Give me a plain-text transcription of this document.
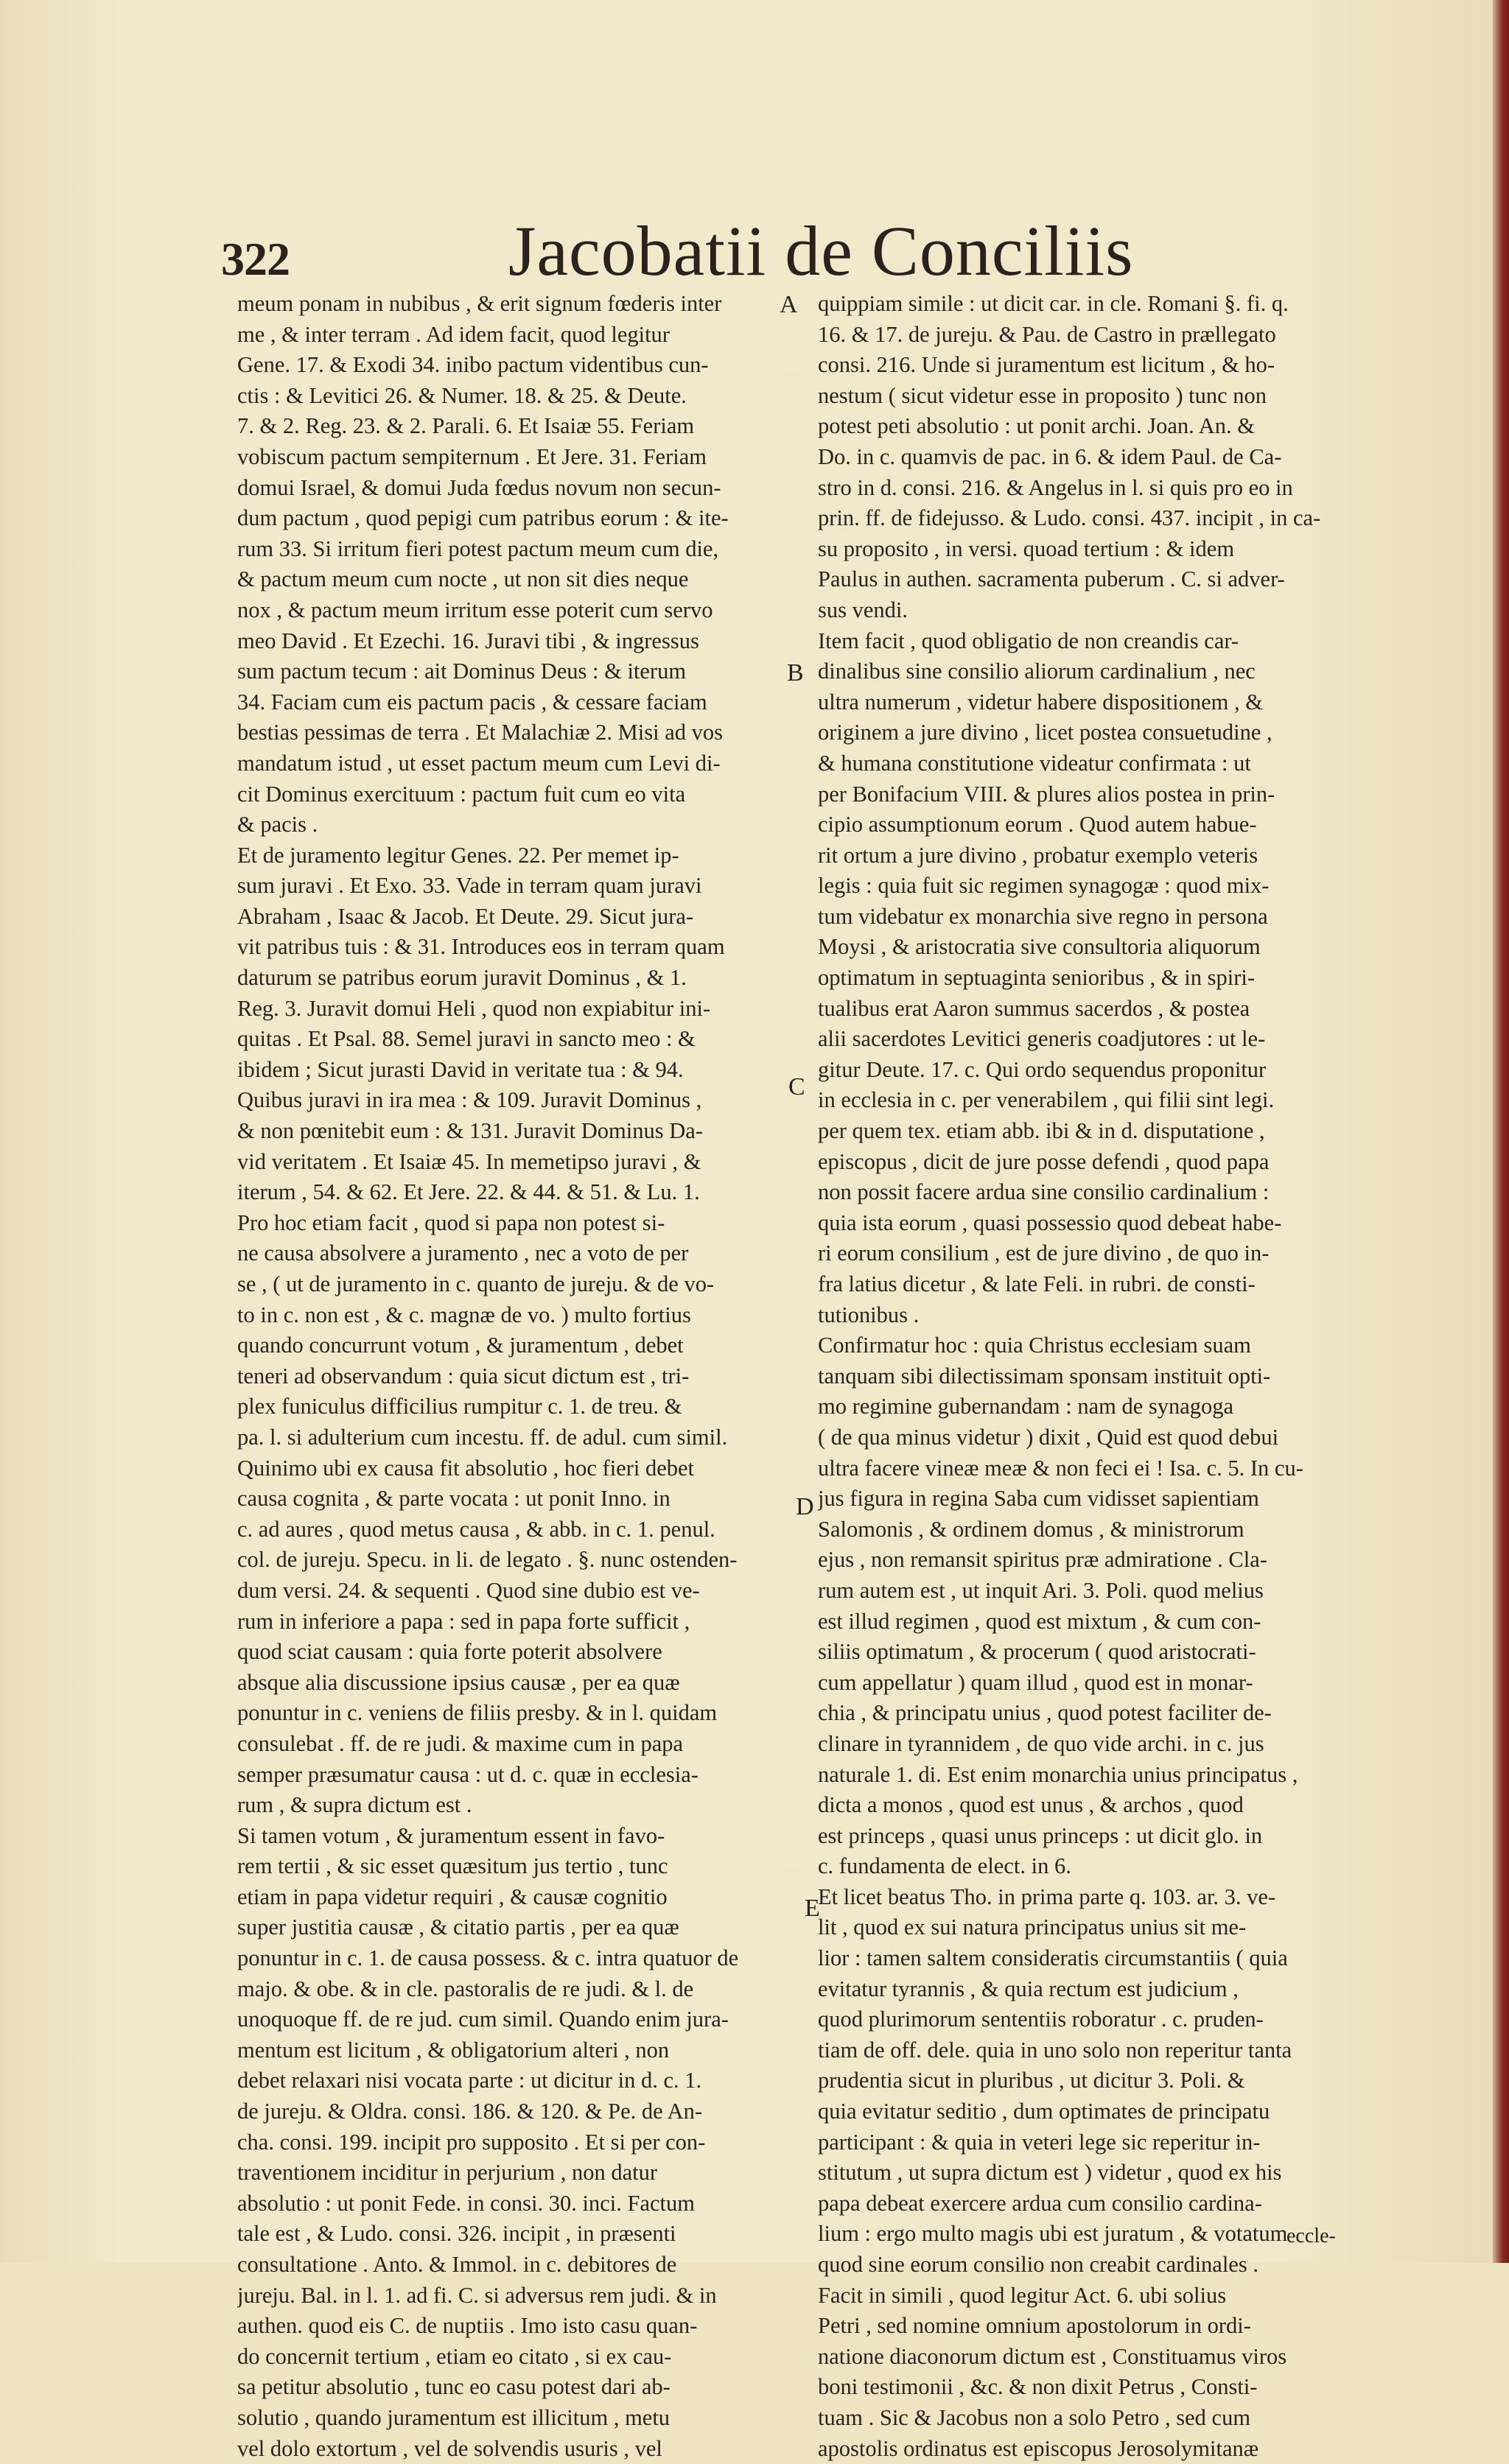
322	Jacobatii de Conciliis
meum ponam in nubibus , & erit signum fœderis inter
me , & inter terram . Ad idem facit, quod legitur
Gene. 17. & Exodi 34. inibo pactum videntibus cun-
ctis : & Levitici 26. & Numer. 18. & 25. & Deute.
7. & 2. Reg. 23. & 2. Parali. 6. Et Isaiæ 55. Feriam
vobiscum pactum sempiternum . Et Jere. 31. Feriam
domui Israel, & domui Juda fœdus novum non secun-
dum pactum , quod pepigi cum patribus eorum : & ite-
rum 33. Si irritum fieri potest pactum meum cum die,
& pactum meum cum nocte , ut non sit dies neque
nox , & pactum meum irritum esse poterit cum servo
meo David . Et Ezechi. 16. Juravi tibi , & ingressus
sum pactum tecum : ait Dominus Deus : & iterum
34. Faciam cum eis pactum pacis , & cessare faciam
bestias pessimas de terra . Et Malachiæ 2. Misi ad vos
mandatum istud , ut esset pactum meum cum Levi di-
cit Dominus exercituum : pactum fuit cum eo vita
& pacis .
Et de juramento legitur Genes. 22. Per memet ip-
sum juravi . Et Exo. 33. Vade in terram quam juravi
Abraham , Isaac & Jacob. Et Deute. 29. Sicut jura-
vit patribus tuis : & 31. Introduces eos in terram quam
daturum se patribus eorum juravit Dominus , & 1.
Reg. 3. Juravit domui Heli , quod non expiabitur ini-
quitas . Et Psal. 88. Semel juravi in sancto meo : &
ibidem ; Sicut jurasti David in veritate tua : & 94.
Quibus juravi in ira mea : & 109. Juravit Dominus ,
& non pœnitebit eum : & 131. Juravit Dominus Da-
vid veritatem . Et Isaiæ 45. In memetipso juravi , &
iterum , 54. & 62. Et Jere. 22. & 44. & 51. & Lu. 1.
Pro hoc etiam facit , quod si papa non potest si-
ne causa absolvere a juramento , nec a voto de per
se , ( ut de juramento in c. quanto de jureju. & de vo-
to in c. non est , & c. magnæ de vo. ) multo fortius
quando concurrunt votum , & juramentum , debet
teneri ad observandum : quia sicut dictum est , tri-
plex funiculus difficilius rumpitur c. 1. de treu. &
pa. l. si adulterium cum incestu. ff. de adul. cum simil.
Quinimo ubi ex causa fit absolutio , hoc fieri debet
causa cognita , & parte vocata : ut ponit Inno. in
c. ad aures , quod metus causa , & abb. in c. 1. penul.
col. de jureju. Specu. in li. de legato . §. nunc ostenden-
dum versi. 24. & sequenti . Quod sine dubio est ve-
rum in inferiore a papa : sed in papa forte sufficit ,
quod sciat causam : quia forte poterit absolvere
absque alia discussione ipsius causæ , per ea quæ
ponuntur in c. veniens de filiis presby. & in l. quidam
consulebat . ff. de re judi. & maxime cum in papa
semper præsumatur causa : ut d. c. quæ in ecclesia-
rum , & supra dictum est .
Si tamen votum , & juramentum essent in favo-
rem tertii , & sic esset quæsitum jus tertio , tunc
etiam in papa videtur requiri , & causæ cognitio
super justitia causæ , & citatio partis , per ea quæ
ponuntur in c. 1. de causa possess. & c. intra quatuor de
majo. & obe. & in cle. pastoralis de re judi. & l. de
unoquoque ff. de re jud. cum simil. Quando enim jura-
mentum est licitum , & obligatorium alteri , non
debet relaxari nisi vocata parte : ut dicitur in d. c. 1.
de jureju. & Oldra. consi. 186. & 120. & Pe. de An-
cha. consi. 199. incipit pro supposito . Et si per con-
traventionem inciditur in perjurium , non datur
absolutio : ut ponit Fede. in consi. 30. inci. Factum
tale est , & Ludo. consi. 326. incipit , in præsenti
consultatione . Anto. & Immol. in c. debitores de
jureju. Bal. in l. 1. ad fi. C. si adversus rem judi. & in
authen. quod eis C. de nuptiis . Imo isto casu quan-
do concernit tertium , etiam eo citato , si ex cau-
sa petitur absolutio , tunc eo casu potest dari ab-
solutio , quando juramentum est illicitum , metu
vel dolo extortum , vel de solvendis usuris , vel
quippiam simile : ut dicit car. in cle. Romani §. fi. q.
16. & 17. de jureju. & Pau. de Castro in prællegato
consi. 216. Unde si juramentum est licitum , & ho-
nestum ( sicut videtur esse in proposito ) tunc non
potest peti absolutio : ut ponit archi. Joan. An. &
Do. in c. quamvis de pac. in 6. & idem Paul. de Ca-
stro in d. consi. 216. & Angelus in l. si quis pro eo in
prin. ff. de fidejusso. & Ludo. consi. 437. incipit , in ca-
su proposito , in versi. quoad tertium : & idem
Paulus in authen. sacramenta puberum . C. si adver-
sus vendi.
Item facit , quod obligatio de non creandis car-
dinalibus sine consilio aliorum cardinalium , nec
ultra numerum , videtur habere dispositionem , &
originem a jure divino , licet postea consuetudine ,
& humana constitutione videatur confirmata : ut
per Bonifacium VIII. & plures alios postea in prin-
cipio assumptionum eorum . Quod autem habue-
rit ortum a jure divino , probatur exemplo veteris
legis : quia fuit sic regimen synagogæ : quod mix-
tum videbatur ex monarchia sive regno in persona
Moysi , & aristocratia sive consultoria aliquorum
optimatum in septuaginta senioribus , & in spiri-
tualibus erat Aaron summus sacerdos , & postea
alii sacerdotes Levitici generis coadjutores : ut le-
gitur Deute. 17. c. Qui ordo sequendus proponitur
in ecclesia in c. per venerabilem , qui filii sint legi.
per quem tex. etiam abb. ibi & in d. disputatione ,
episcopus , dicit de jure posse defendi , quod papa
non possit facere ardua sine consilio cardinalium :
quia ista eorum , quasi possessio quod debeat habe-
ri eorum consilium , est de jure divino , de quo in-
fra latius dicetur , & late Feli. in rubri. de consti-
tutionibus .
Confirmatur hoc : quia Christus ecclesiam suam
tanquam sibi dilectissimam sponsam instituit opti-
mo regimine gubernandam : nam de synagoga
( de qua minus videtur ) dixit , Quid est quod debui
ultra facere vineæ meæ & non feci ei ! Isa. c. 5. In cu-
jus figura in regina Saba cum vidisset sapientiam
Salomonis , & ordinem domus , & ministrorum
ejus , non remansit spiritus præ admiratione . Cla-
rum autem est , ut inquit Ari. 3. Poli. quod melius
est illud regimen , quod est mixtum , & cum con-
siliis optimatum , & procerum ( quod aristocrati-
cum appellatur ) quam illud , quod est in monar-
chia , & principatu unius , quod potest faciliter de-
clinare in tyrannidem , de quo vide archi. in c. jus
naturale 1. di. Est enim monarchia unius principatus ,
dicta a monos , quod est unus , & archos , quod
est princeps , quasi unus princeps : ut dicit glo. in
c. fundamenta de elect. in 6.
Et licet beatus Tho. in prima parte q. 103. ar. 3. ve-
lit , quod ex sui natura principatus unius sit me-
lior : tamen saltem consideratis circumstantiis ( quia
evitatur tyrannis , & quia rectum est judicium ,
quod plurimorum sententiis roboratur . c. pruden-
tiam de off. dele. quia in uno solo non reperitur tanta
prudentia sicut in pluribus , ut dicitur 3. Poli. &
quia evitatur seditio , dum optimates de principatu
participant : & quia in veteri lege sic reperitur in-
stitutum , ut supra dictum est ) videtur , quod ex his
papa debeat exercere ardua cum consilio cardina-
lium : ergo multo magis ubi est juratum , & votatum
quod sine eorum consilio non creabit cardinales .
Facit in simili , quod legitur Act. 6. ubi solius
Petri , sed nomine omnium apostolorum in ordi-
natione diaconorum dictum est , Constituamus viros
boni testimonii , &c. & non dixit Petrus , Consti-
tuam . Sic & Jacobus non a solo Petro , sed cum
apostolis ordinatus est episcopus Jerosolymitanæ
A
B
C
D
E
eccle-
